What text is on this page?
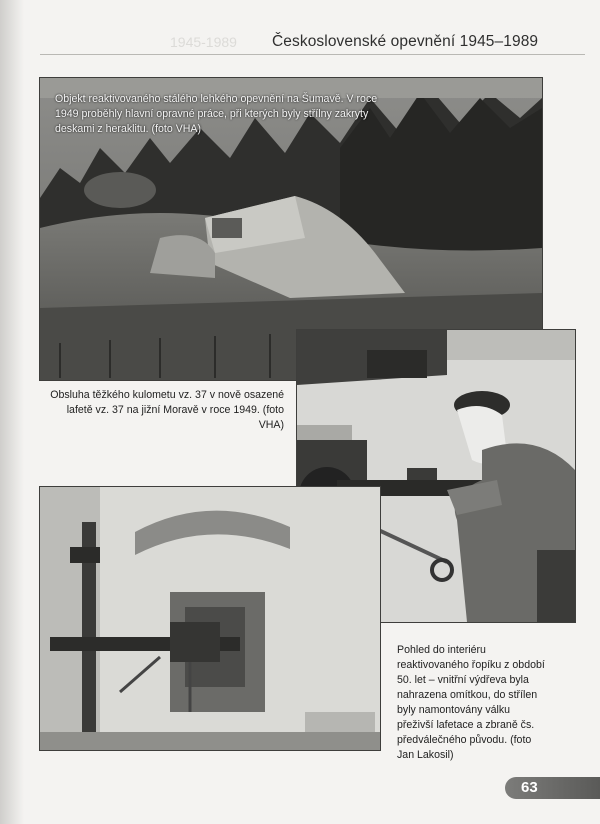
1945-1989 Československé opevnění 1945–1989
Objekt reaktivovaného stálého lehkého opevnění na Šumavě. V roce 1949 proběhly hlavní opravné práce, při kterých byly střílny zakryty deskami z heraklitu. (foto VHA)
Obsluha těžkého kulometu vz. 37 v nově osazené lafetě vz. 37 na jižní Moravě v roce 1949. (foto VHA)
Pohled do interiéru reaktivovaného řopíku z období 50. let – vnitřní výdřeva byla nahrazena omítkou, do střílen byly namontovány válku přeživší lafetace a zbraně čs. předválečného původu. (foto Jan Lakosil)
63
